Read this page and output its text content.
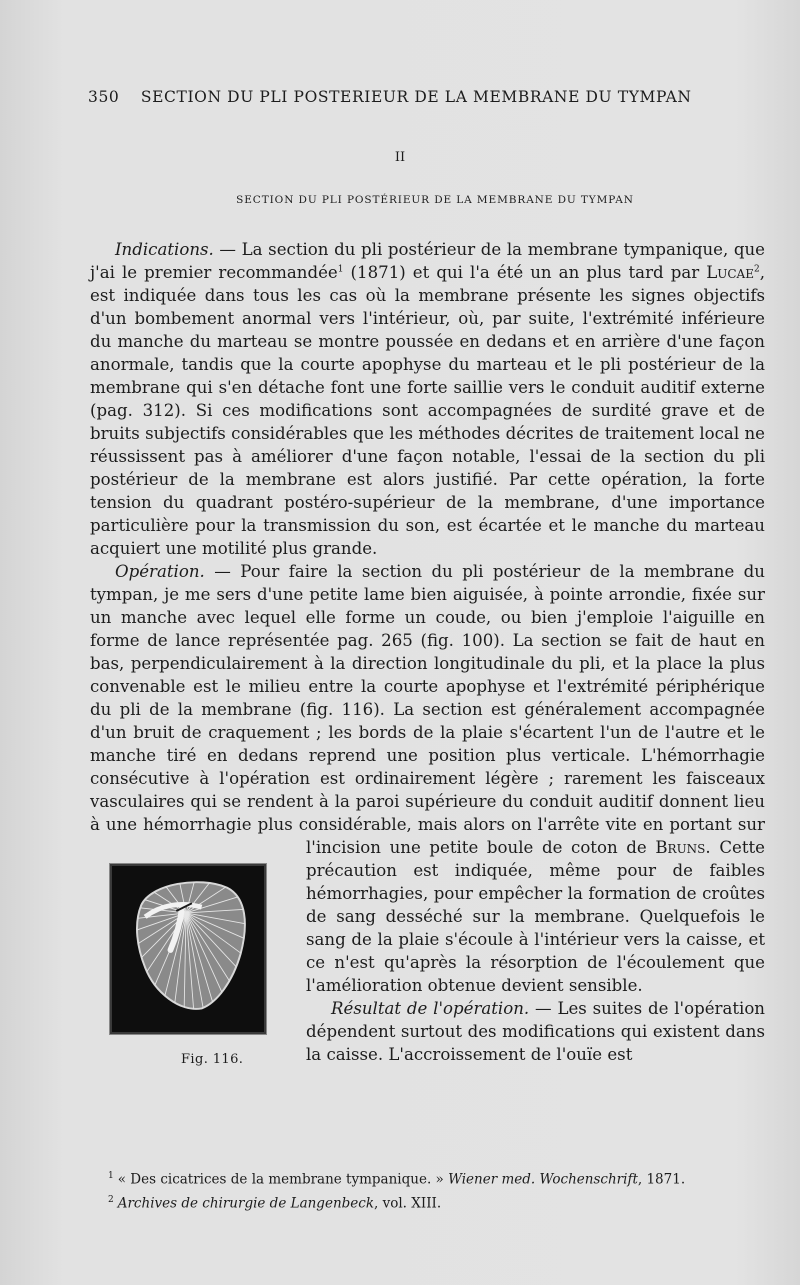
350 SECTION DU PLI POSTERIEUR DE LA MEMBRANE DU TYMPAN
II
SECTION DU PLI POSTÉRIEUR DE LA MEMBRANE DU TYMPAN

Indications. — La section du pli postérieur de la membrane tympanique, que j'ai le premier recommandée$^1$ (1871) et qui l'a été un an plus tard par Lucae$^2$, est indiquée dans tous les cas où la membrane présente les signes objectifs d'un bombement anormal vers l'intérieur, où, par suite, l'extrémité inférieure du manche du marteau se montre poussée en dedans et en arrière d'une façon anormale, tandis que la courte apophyse du marteau et le pli postérieur de la membrane qui s'en détache font une forte saillie vers le conduit auditif externe (pag. 312). Si ces modifications sont accompagnées de surdité grave et de bruits subjectifs considérables que les méthodes décrites de traitement local ne réussissent pas à améliorer d'une façon notable, l'essai de la section du pli postérieur de la membrane est alors justifié. Par cette opération, la forte tension du quadrant postéro-supérieur de la membrane, d'une importance particulière pour la transmission du son, est écartée et le manche du marteau acquiert une motilité plus grande.

Opération. — Pour faire la section du pli postérieur de la membrane du tympan, je me sers d'une petite lame bien aiguisée, à pointe arrondie, fixée sur un manche avec lequel elle forme un coude, ou bien j'emploie l'aiguille en forme de lance représentée pag. 265 (fig. 100). La section se fait de haut en bas, perpendiculairement à la direction longitudinale du pli, et la place la plus convenable est le milieu entre la courte apophyse et l'extrémité périphérique du pli de la membrane (fig. 116). La section est généralement accompagnée d'un bruit de craquement ; les bords de la plaie s'écartent l'un de l'autre et le manche tiré en dedans reprend une position plus verticale. L'hémorrhagie consécutive à l'opération est ordinairement légère ; rarement les faisceaux vasculaires qui se rendent à la paroi supérieure du conduit auditif donnent lieu à une hémorrhagie plus considérable, mais alors on l'arrête vite en portant sur l'incision une petite boule de coton de
Fig. 116.
Bruns. Cette précaution est indiquée, même pour de faibles hémorrhagies, pour empêcher la formation de croûtes de sang desséché sur la membrane. Quelquefois le sang de la plaie s'écoule à l'intérieur vers la caisse, et ce n'est qu'après la résorption de l'écoulement que l'amélioration obtenue devient sensible.

Résultat de l'opération. — Les suites de l'opération dépendent surtout des modifications qui existent dans la caisse. L'accroissement de l'ouïe est

$^1$ « Des cicatrices de la membrane tympanique. » Wiener med. Wochenschrift, 1871.
$^2$ Archives de chirurgie de Langenbeck, vol. XIII.
